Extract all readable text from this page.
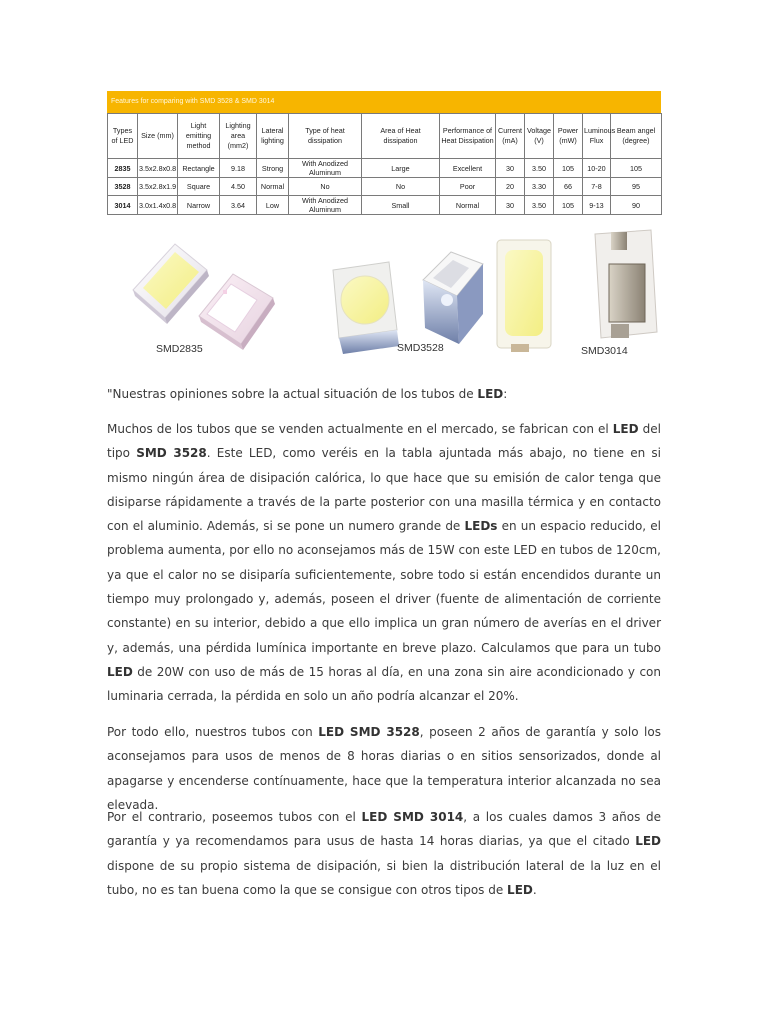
Features for comparing with SMD 3528 & SMD 3014
Types of LED	Size (mm)	Light emitting method	Lighting area (mm2)	Lateral lighting	Type of heat dissipation	Area of Heat dissipation	Performance of Heat Dissipation	Current (mA)	Voltage (V)	Power (mW)	Luminous Flux	Beam angel (degree)
2835	3.5x2.8x0.8	Rectangle	9.18	Strong	With Anodized Aluminum	Large	Excellent	30	3.50	105	10-20	105
3528	3.5x2.8x1.9	Square	4.50	Normal	No	No	Poor	20	3.30	66	7-8	95
3014	3.0x1.4x0.8	Narrow	3.64	Low	With Anodized Aluminum	Small	Normal	30	3.50	105	9-13	90
SMD2835	SMD3528	SMD3014

"Nuestras opiniones sobre la actual situación de los tubos de LED:

Muchos de los tubos que se venden actualmente en el mercado, se fabrican con el LED del tipo SMD 3528. Este LED, como veréis en la tabla ajuntada más abajo, no tiene en si mismo ningún área de disipación calórica, lo que hace que su emisión de calor tenga que disiparse rápidamente a través de la parte posterior con una masilla térmica y en contacto con el aluminio. Además, si se pone un numero grande de LEDs en un espacio reducido, el problema aumenta, por ello no aconsejamos más de 15W con este LED en tubos de 120cm, ya que el calor no se disiparía suficientemente, sobre todo si están encendidos durante un tiempo muy prolongado y, además, poseen el driver (fuente de alimentación de corriente constante) en su interior, debido a que ello implica un gran número de averías en el driver y, además, una pérdida lumínica importante en breve plazo. Calculamos que para un tubo LED de 20W con uso de más de 15 horas al día, en una zona sin aire acondicionado y con luminaria cerrada, la pérdida en solo un año podría alcanzar el 20%.

Por todo ello, nuestros tubos con LED SMD 3528, poseen 2 años de garantía y solo los aconsejamos para usos de menos de 8 horas diarias o en sitios sensorizados, donde al apagarse y encenderse contínuamente, hace que la temperatura interior alcanzada no sea elevada.

Por el contrario, poseemos tubos con el LED SMD 3014, a los cuales damos 3 años de garantía y ya recomendamos para usus de hasta 14 horas diarias, ya que el citado LED dispone de su propio sistema de disipación, si bien la distribución lateral de la luz en el tubo, no es tan buena como la que se consigue con otros tipos de LED.
